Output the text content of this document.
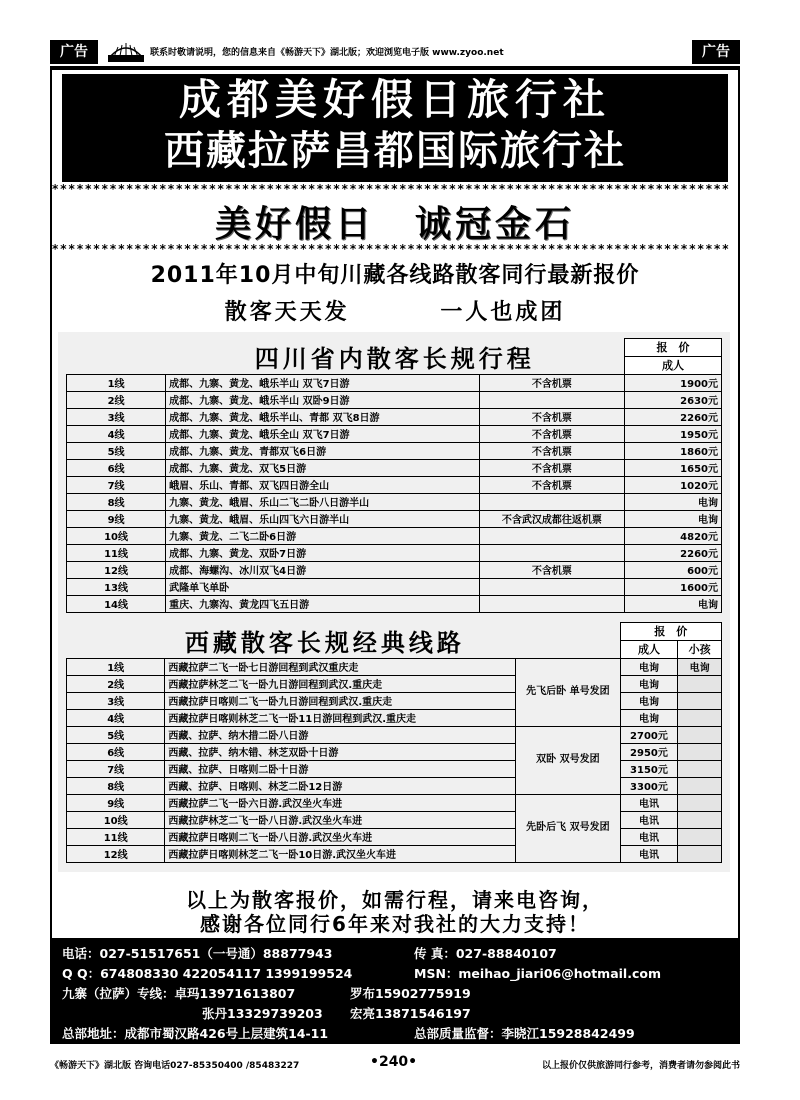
广告	联系时敬请说明，您的信息来自《畅游天下》湖北版；欢迎浏览电子版 www.zyoo.net	广告
成都美好假日旅行社
西藏拉萨昌都国际旅行社
**********************************************************************************
美好假日　诚冠金石
**********************************************************************************
2011年10月中旬川藏各线路散客同行最新报价
散客天天发	一人也成团
	四川省内散客长规行程		报　价
			成人
1线	成都、九寨、黄龙、峨乐半山 双飞7日游	不含机票	1900元
2线	成都、九寨、黄龙、峨乐半山 双卧9日游		2630元
3线	成都、九寨、黄龙、峨乐半山、青都 双飞8日游	不含机票	2260元
4线	成都、九寨、黄龙、峨乐全山 双飞7日游	不含机票	1950元
5线	成都、九寨、黄龙、青都双飞6日游	不含机票	1860元
6线	成都、九寨、黄龙、双飞5日游	不含机票	1650元
7线	峨眉、乐山、青都、双飞四日游全山	不含机票	1020元
8线	九寨、黄龙、峨眉、乐山二飞二卧八日游半山		电询
9线	九寨、黄龙、峨眉、乐山四飞六日游半山	不含武汉成都往返机票	电询
10线	九寨、黄龙、二飞二卧6日游		4820元
11线	成都、九寨、黄龙、双卧7日游		2260元
12线	成都、海螺沟、冰川双飞4日游	不含机票	600元
13线	武隆单飞单卧		1600元
14线	重庆、九寨沟、黄龙四飞五日游		电询
	西藏散客长规经典线路		报　价	
			成人	小孩
1线	西藏拉萨二飞一卧七日游回程到武汉重庆走	先飞后卧 单号发团	电询	电询
2线	西藏拉萨林芝二飞一卧九日游回程到武汉.重庆走		电询	
3线	西藏拉萨日喀则二飞一卧九日游回程到武汉.重庆走		电询	
4线	西藏拉萨日喀则林芝二飞一卧11日游回程到武汉.重庆走		电询	
5线	西藏、拉萨、纳木措二卧八日游	双卧 双号发团	2700元	
6线	西藏、拉萨、纳木错、林芝双卧十日游		2950元	
7线	西藏、拉萨、日喀则二卧十日游		3150元	
8线	西藏、拉萨、日喀则、林芝二卧12日游		3300元	
9线	西藏拉萨二飞一卧六日游.武汉坐火车进	先卧后飞 双号发团	电讯	
10线	西藏拉萨林芝二飞一卧八日游.武汉坐火车进		电讯	
11线	西藏拉萨日喀则二飞一卧八日游.武汉坐火车进		电讯	
12线	西藏拉萨日喀则林芝二飞一卧10日游.武汉坐火车进		电讯	
以上为散客报价，如需行程，请来电咨询，
感谢各位同行6年来对我社的大力支持！
电话：027-51517651（一号通）88877943	传 真：027-88840107
Q Q：674808330 422054117 1399199524	MSN：meihao_jiari06@hotmail.com
九寨（拉萨）专线：卓玛13971613807	罗布15902775919
张丹13329739203 宏亮13871546197
总部地址：成都市蜀汉路426号上层建筑14-11	总部质量监督：李晓江15928842499
《畅游天下》湖北版 咨询电话027-85350400 /85483227	•240•	以上报价仅供旅游同行参考，消费者请勿参阅此书
